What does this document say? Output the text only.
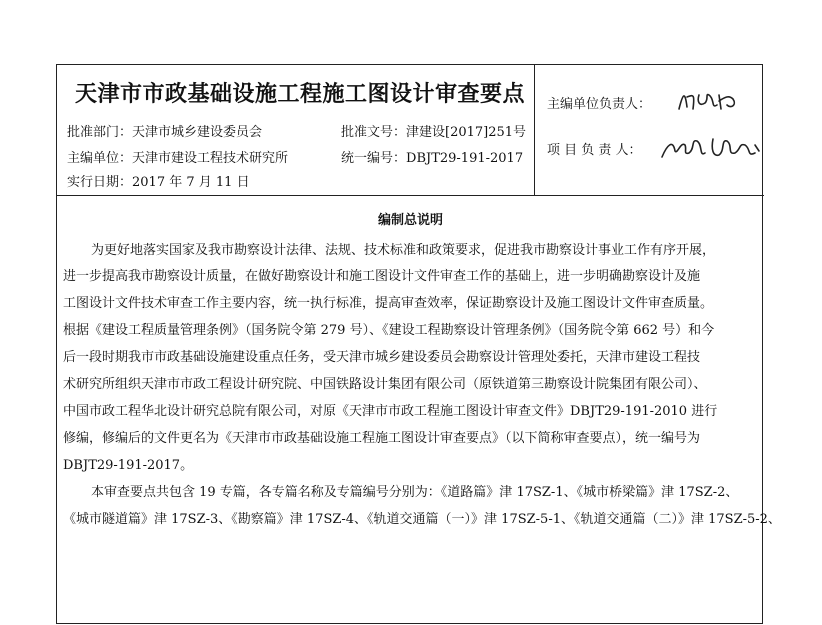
天津市市政基础设施工程施工图设计审查要点
批准部门：天津市城乡建设委员会	批准文号：津建设[2017]251号
主编单位：天津市建设工程技术研究所	统一编号：DBJT29-191-2017
实行日期：2017 年 7 月 11 日
主编单位负责人：
项 目 负 责 人：
编制总说明
为更好地落实国家及我市勘察设计法律、法规、技术标准和政策要求，促进我市勘察设计事业工作有序开展，
进一步提高我市勘察设计质量，在做好勘察设计和施工图设计文件审查工作的基础上，进一步明确勘察设计及施
工图设计文件技术审查工作主要内容，统一执行标准，提高审查效率，保证勘察设计及施工图设计文件审查质量。
根据《建设工程质量管理条例》（国务院令第 279 号）、《建设工程勘察设计管理条例》（国务院令第 662 号）和今
后一段时期我市市政基础设施建设重点任务，受天津市城乡建设委员会勘察设计管理处委托，天津市建设工程技
术研究所组织天津市市政工程设计研究院、中国铁路设计集团有限公司（原铁道第三勘察设计院集团有限公司）、
中国市政工程华北设计研究总院有限公司，对原《天津市市政工程施工图设计审查文件》DBJT29-191-2010 进行
修编，修编后的文件更名为《天津市市政基础设施工程施工图设计审查要点》（以下简称审查要点），统一编号为
DBJT29-191-2017。
本审查要点共包含 19 专篇，各专篇名称及专篇编号分别为：《道路篇》津 17SZ-1、《城市桥梁篇》津 17SZ-2、
《城市隧道篇》津 17SZ-3、《勘察篇》津 17SZ-4、《轨道交通篇（一）》津 17SZ-5-1、《轨道交通篇（二）》津 17SZ-5-2、
